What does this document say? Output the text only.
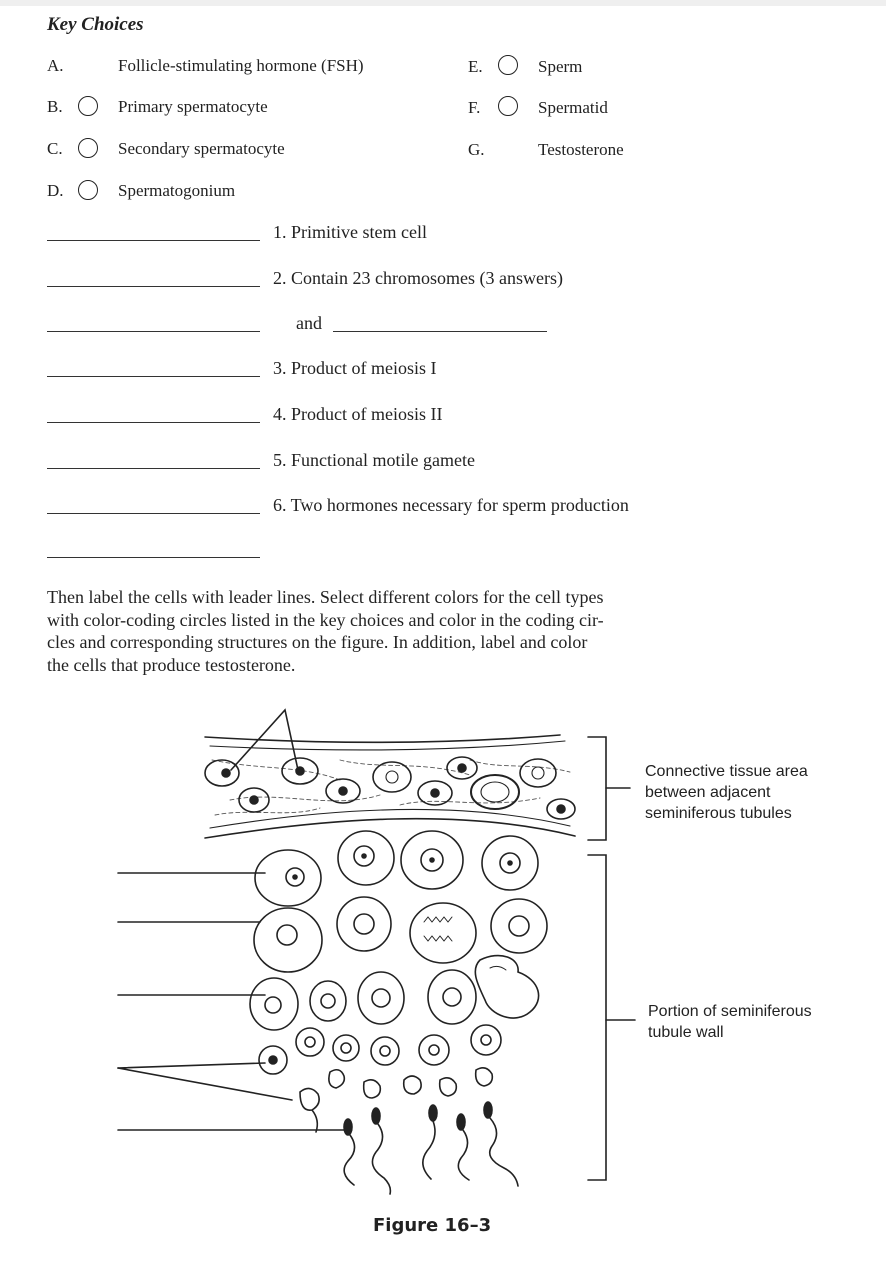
Key Choices
A.	Follicle-stimulating hormone (FSH)
B.	Primary spermatocyte
C.	Secondary spermatocyte
D.	Spermatogonium
E.	Sperm
F.	Spermatid
G.	Testosterone
1. Primitive stem cell
2. Contain 23 chromosomes (3 answers)
and
3. Product of meiosis I
4. Product of meiosis II
5. Functional motile gamete
6. Two hormones necessary for sperm production
Then label the cells with leader lines. Select different colors for the cell types
with color-coding circles listed in the key choices and color in the coding cir-
cles and corresponding structures on the figure. In addition, label and color
the cells that produce testosterone.
Connective tissue area
between adjacent
seminiferous tubules
Portion of seminiferous
tubule wall
Figure 16–3
